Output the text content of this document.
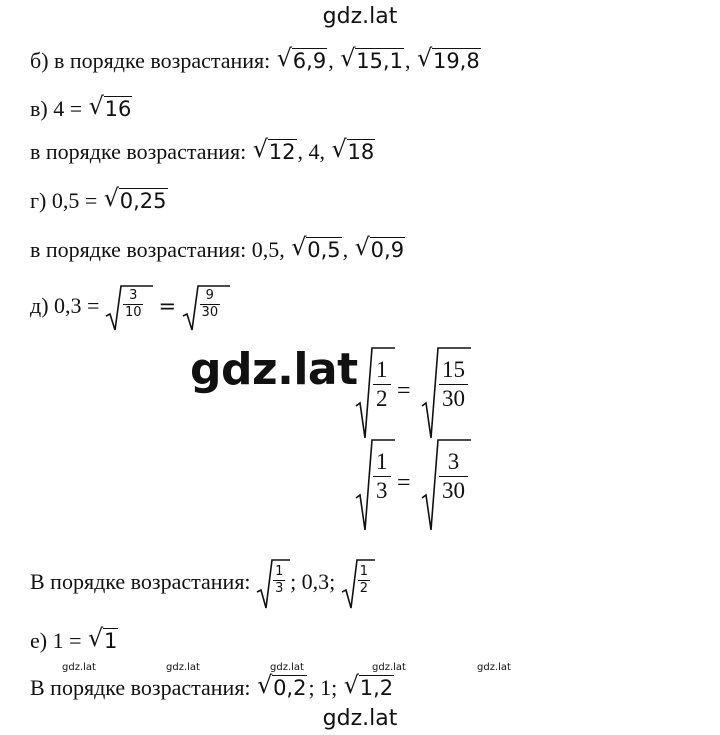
gdz.lat
gdz.lat
gdz.lat	gdz.lat	gdz.lat	gdz.lat	gdz.lat
gdz.lat
б) в порядке возрастания: √ 6,9, √ 15,1, √ 19,8
в) 4 = √ 16
в порядке возрастания: √ 12, 4, √ 18
г) 0,5 = √ 0,25
в порядке возрастания: 0,5, √ 0,5, √ 0,9
д) $0,3 = \frac{3}{10} = \frac{9}{30}$
$\frac{1}{2} = \frac{15}{30}$
$\frac{1}{3} = \frac{3}{30}$
В порядке возрастания: $\frac{1}{3}$ ; 0,3; $\frac{1}{2}$
е) 1 = √ 1
В порядке возрастания: √ 0,2; 1; √ 1,2
